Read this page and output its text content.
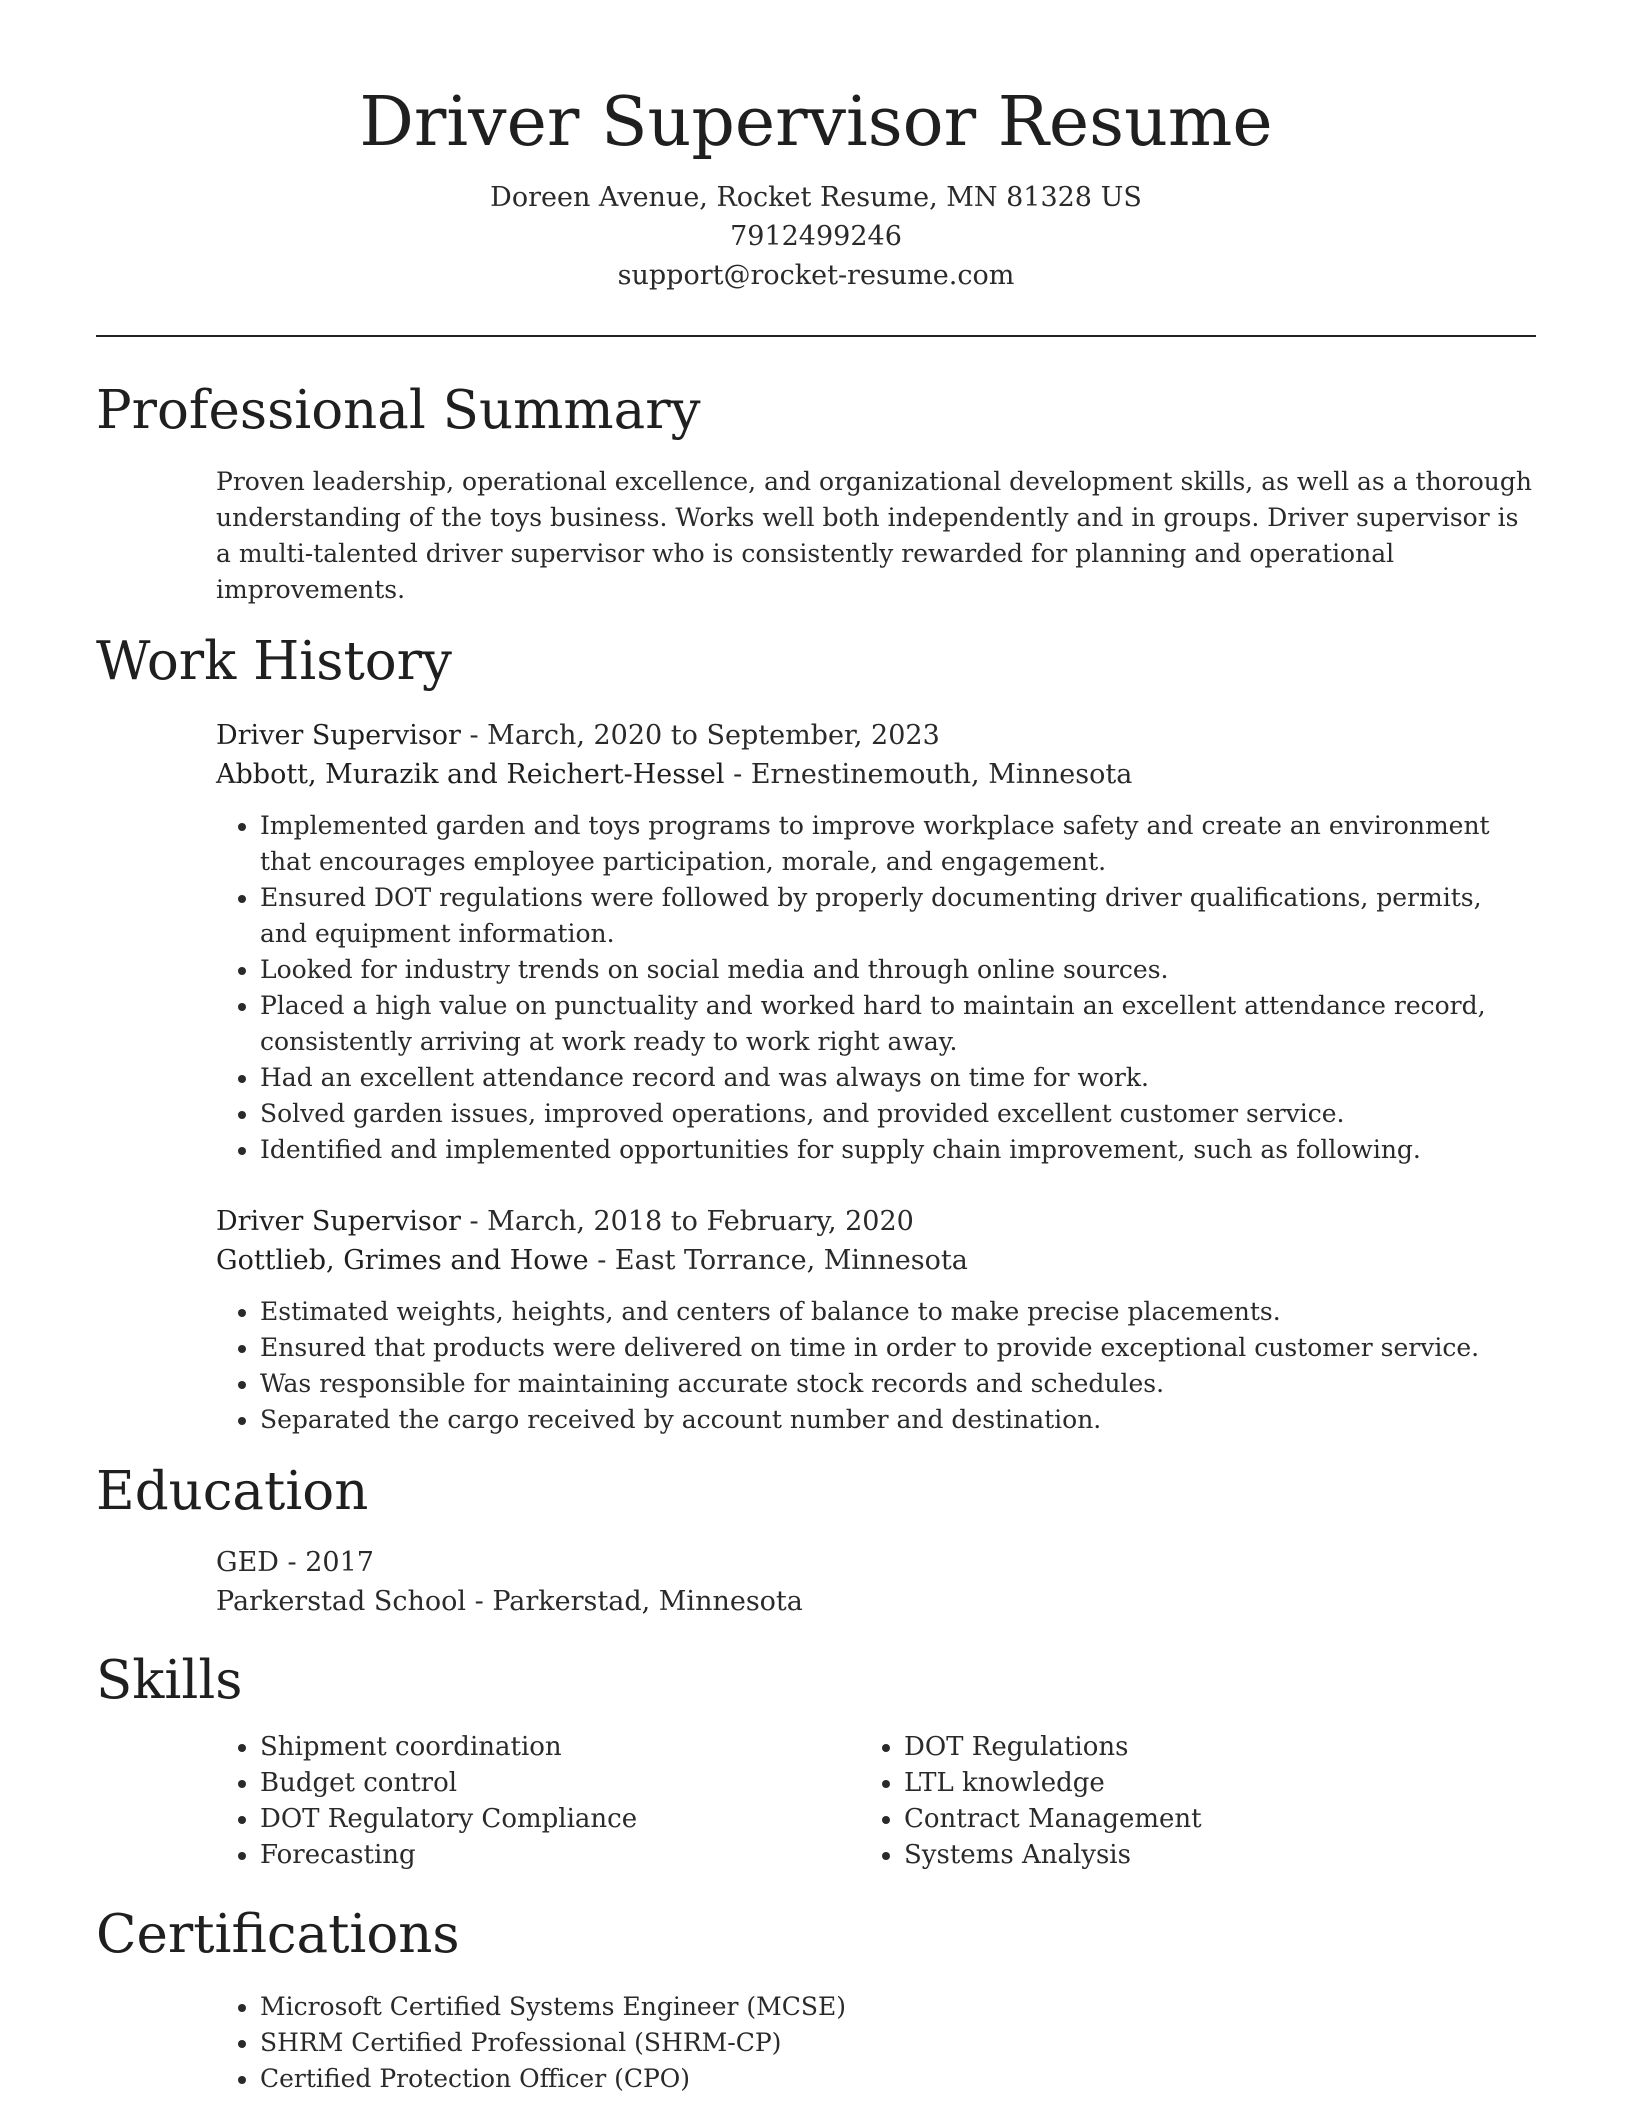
Driver Supervisor Resume
Doreen Avenue, Rocket Resume, MN 81328 US
7912499246
support@rocket-resume.com
Professional Summary

Proven leadership, operational excellence, and organizational development skills, as well as a thorough understanding of the toys business. Works well both independently and in groups. Driver supervisor is a multi-talented driver supervisor who is consistently rewarded for planning and operational improvements.

Work History
Driver Supervisor - March, 2020 to September, 2023
Abbott, Murazik and Reichert-Hessel - Ernestinemouth, Minnesota
• Implemented garden and toys programs to improve workplace safety and create an environment that encourages employee participation, morale, and engagement.
• Ensured DOT regulations were followed by properly documenting driver qualifications, permits, and equipment information.
• Looked for industry trends on social media and through online sources.
• Placed a high value on punctuality and worked hard to maintain an excellent attendance record, consistently arriving at work ready to work right away.
• Had an excellent attendance record and was always on time for work.
• Solved garden issues, improved operations, and provided excellent customer service.
• Identified and implemented opportunities for supply chain improvement, such as following.
Driver Supervisor - March, 2018 to February, 2020
Gottlieb, Grimes and Howe - East Torrance, Minnesota
• Estimated weights, heights, and centers of balance to make precise placements.
• Ensured that products were delivered on time in order to provide exceptional customer service.
• Was responsible for maintaining accurate stock records and schedules.
• Separated the cargo received by account number and destination.
Education
GED - 2017
Parkerstad School - Parkerstad, Minnesota
Skills
• Shipment coordination
• Budget control
• DOT Regulatory Compliance
• Forecasting
• DOT Regulations
• LTL knowledge
• Contract Management
• Systems Analysis
Certifications
• Microsoft Certified Systems Engineer (MCSE)
• SHRM Certified Professional (SHRM-CP)
• Certified Protection Officer (CPO)
